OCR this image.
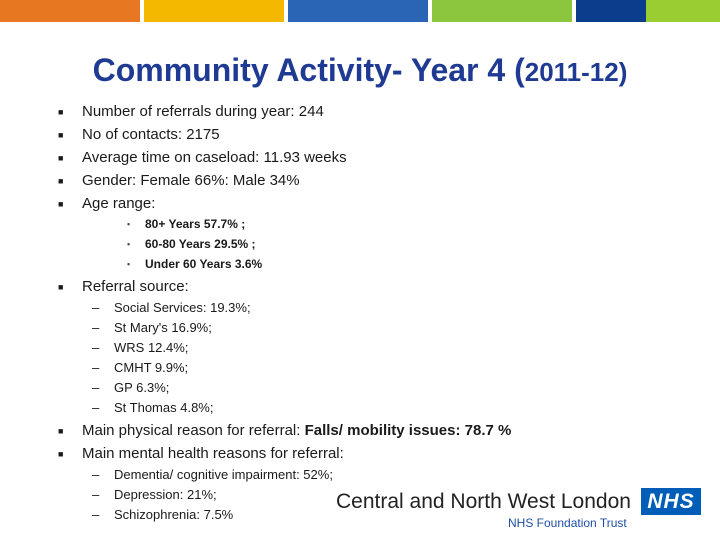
Community Activity- Year 4 (2011-12)
■ Number of referrals during year: 244
■ No of contacts: 2175
■ Average time on caseload: 11.93 weeks
■ Gender: Female 66%: Male 34%
■ Age range:
• 80+ Years 57.7% ;
• 60-80 Years 29.5% ;
• Under 60 Years 3.6%
■ Referral source:
– Social Services: 19.3%;
– St Mary's 16.9%;
– WRS 12.4%;
– CMHT 9.9%;
– GP 6.3%;
– St Thomas 4.8%;
■ Main physical reason for referral: Falls/ mobility issues: 78.7 %
■ Main mental health reasons for referral:
– Dementia/ cognitive impairment: 52%;
– Depression: 21%;
– Schizophrenia: 7.5%
Central and North West London NHS
NHS Foundation Trust
